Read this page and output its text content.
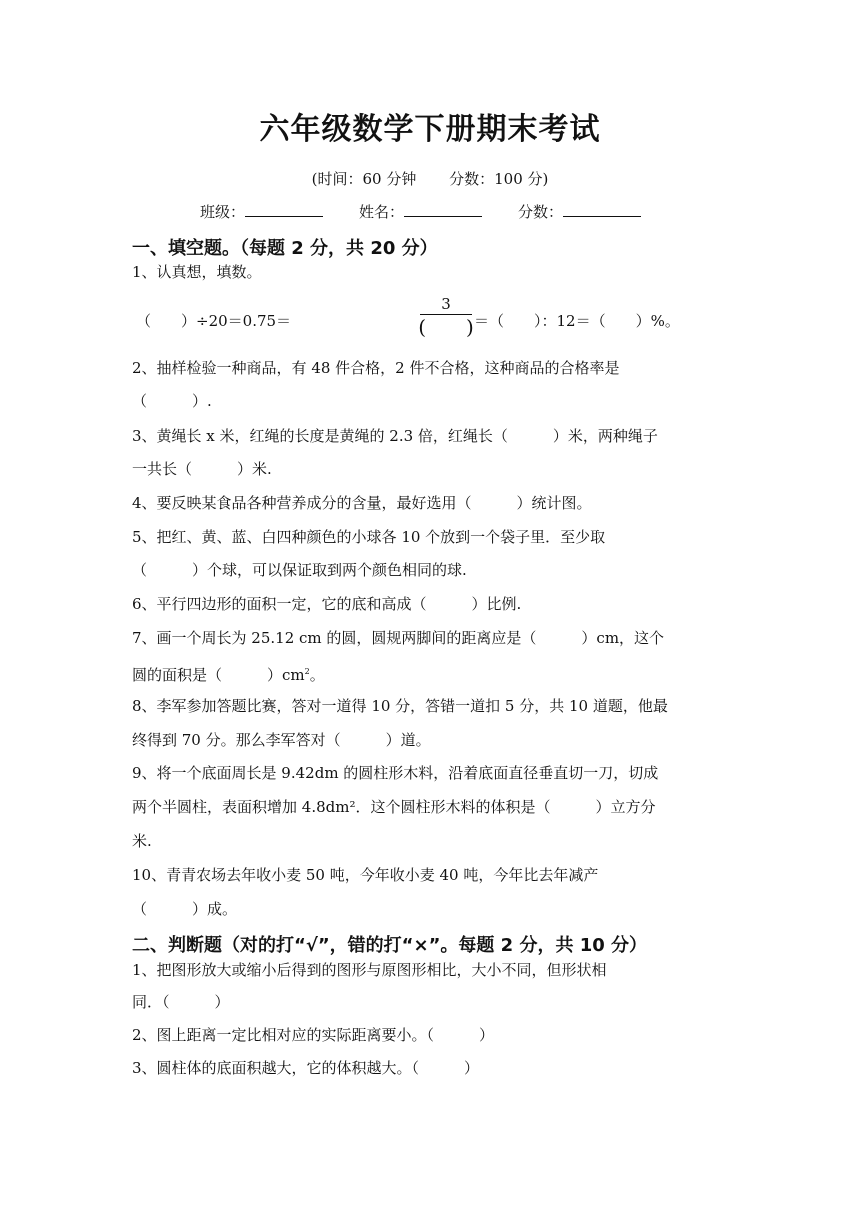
六年级数学下册期末考试
(时间：60 分钟 分数：100 分)
班级：	姓名：	分数：
一、填空题。（每题 2 分，共 20 分）
1、认真想，填数。
（　　）÷20＝0.75＝
3
(　　) ＝（　　）：12＝（　　）%。
2、抽样检验一种商品，有 48 件合格，2 件不合格，这种商品的合格率是
（　　　）.
3、黄绳长 x 米，红绳的长度是黄绳的 2.3 倍，红绳长（　　　）米，两种绳子
一共长（　　　）米.
4、要反映某食品各种营养成分的含量，最好选用（　　　）统计图。
5、把红、黄、蓝、白四种颜色的小球各 10 个放到一个袋子里．至少取
（　　　）个球，可以保证取到两个颜色相同的球.
6、平行四边形的面积一定，它的底和高成（　　　）比例.
7、画一个周长为 25.12 cm 的圆，圆规两脚间的距离应是（　　　）cm，这个
圆的面积是（　　　）$cm^2$。
8、李军参加答题比赛，答对一道得 10 分，答错一道扣 5 分，共 10 道题，他最
终得到 70 分。那么李军答对（　　　）道。
9、将一个底面周长是 9.42dm 的圆柱形木料，沿着底面直径垂直切一刀，切成
两个半圆柱，表面积增加 4.8dm²．这个圆柱形木料的体积是（　　　）立方分
米.
10、青青农场去年收小麦 50 吨，今年收小麦 40 吨，今年比去年减产
（　　　）成。
二、判断题（对的打“√”，错的打“×”。每题 2 分，共 10 分）
1、把图形放大或缩小后得到的图形与原图形相比，大小不同，但形状相
同．（　　　）
2、图上距离一定比相对应的实际距离要小。（　　　）
3、圆柱体的底面积越大，它的体积越大。（　　　）
